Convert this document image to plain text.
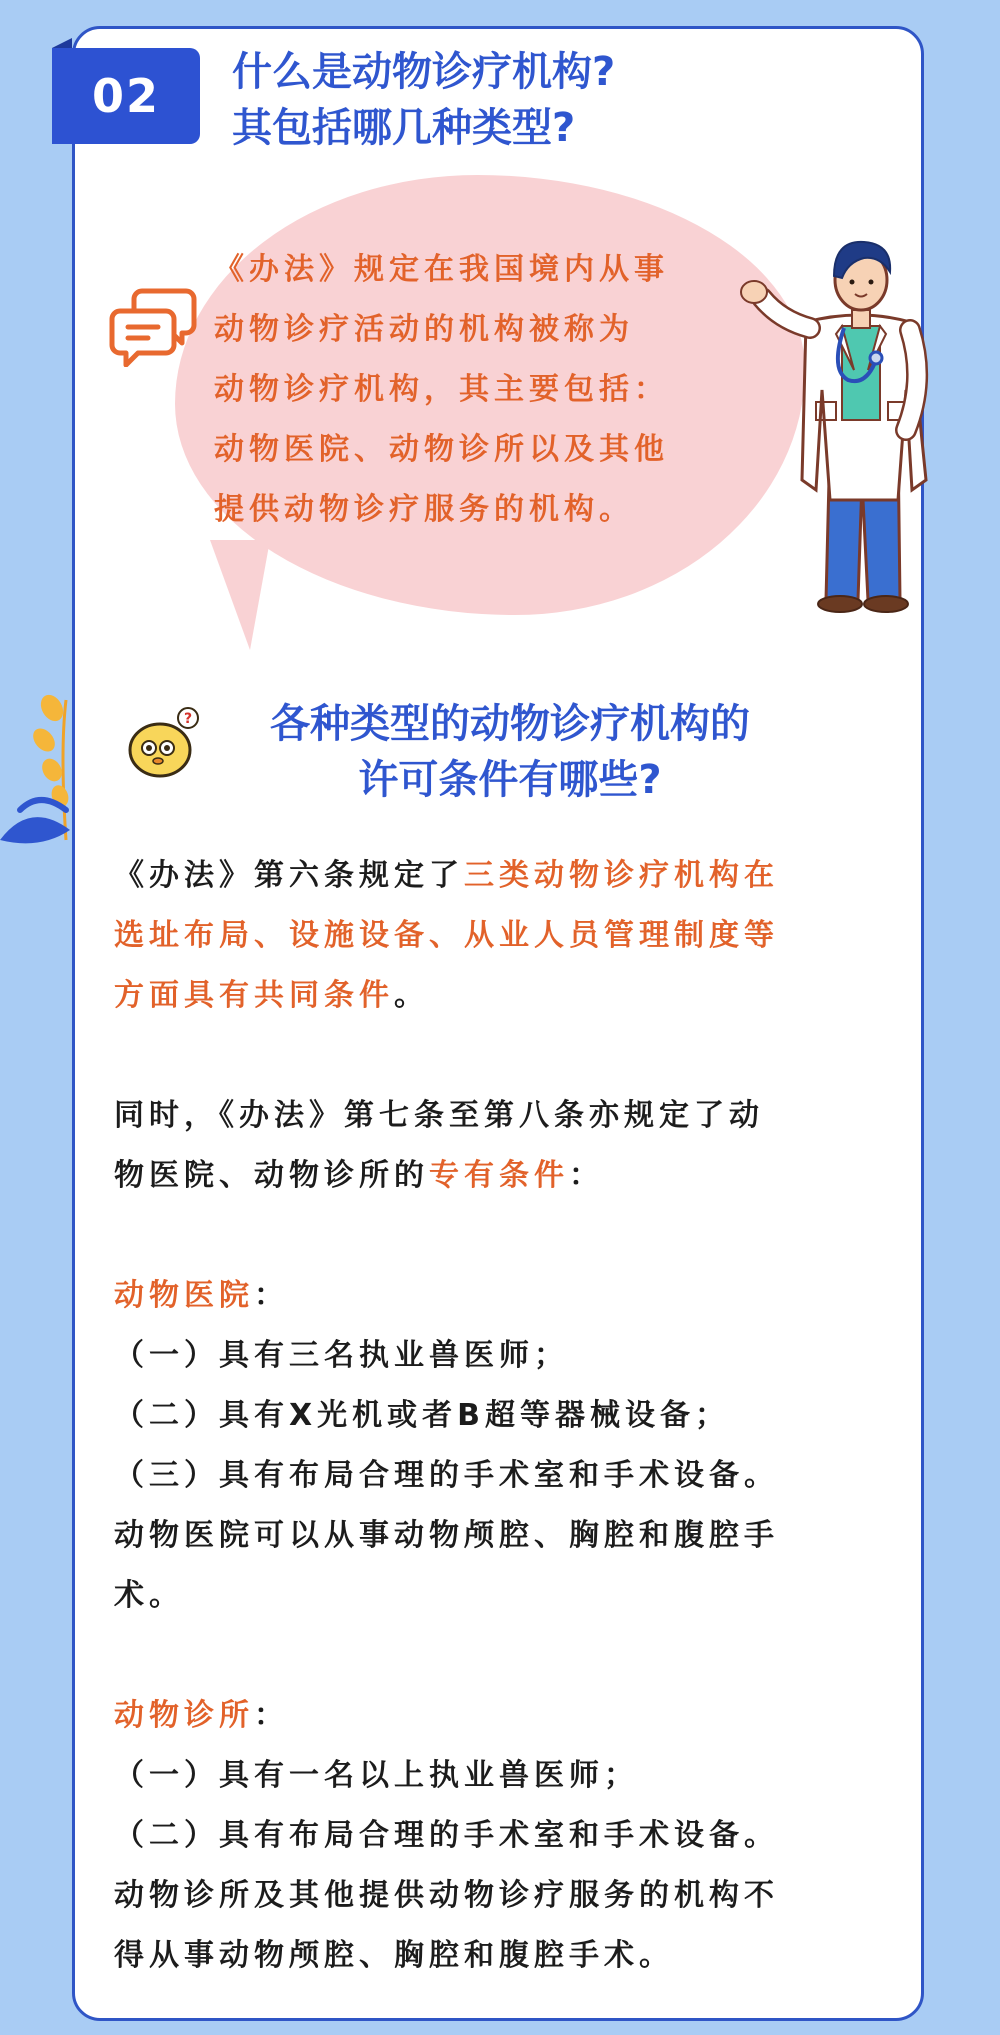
02 什么是动物诊疗机构?
其包括哪几种类型?
《办法》规定在我国境内从事
动物诊疗活动的机构被称为
动物诊疗机构，其主要包括：
动物医院、动物诊所以及其他
提供动物诊疗服务的机构。
?	各种类型的动物诊疗机构的
许可条件有哪些?
《办法》第六条规定了三类动物诊疗机构在
选址布局、设施设备、从业人员管理制度等
方面具有共同条件。
同时，《办法》第七条至第八条亦规定了动
物医院、动物诊所的专有条件：
动物医院：
（一）具有三名执业兽医师；
（二）具有X光机或者B超等器械设备；
（三）具有布局合理的手术室和手术设备。
动物医院可以从事动物颅腔、胸腔和腹腔手
术。
动物诊所：
（一）具有一名以上执业兽医师；
（二）具有布局合理的手术室和手术设备。
动物诊所及其他提供动物诊疗服务的机构不
得从事动物颅腔、胸腔和腹腔手术。
